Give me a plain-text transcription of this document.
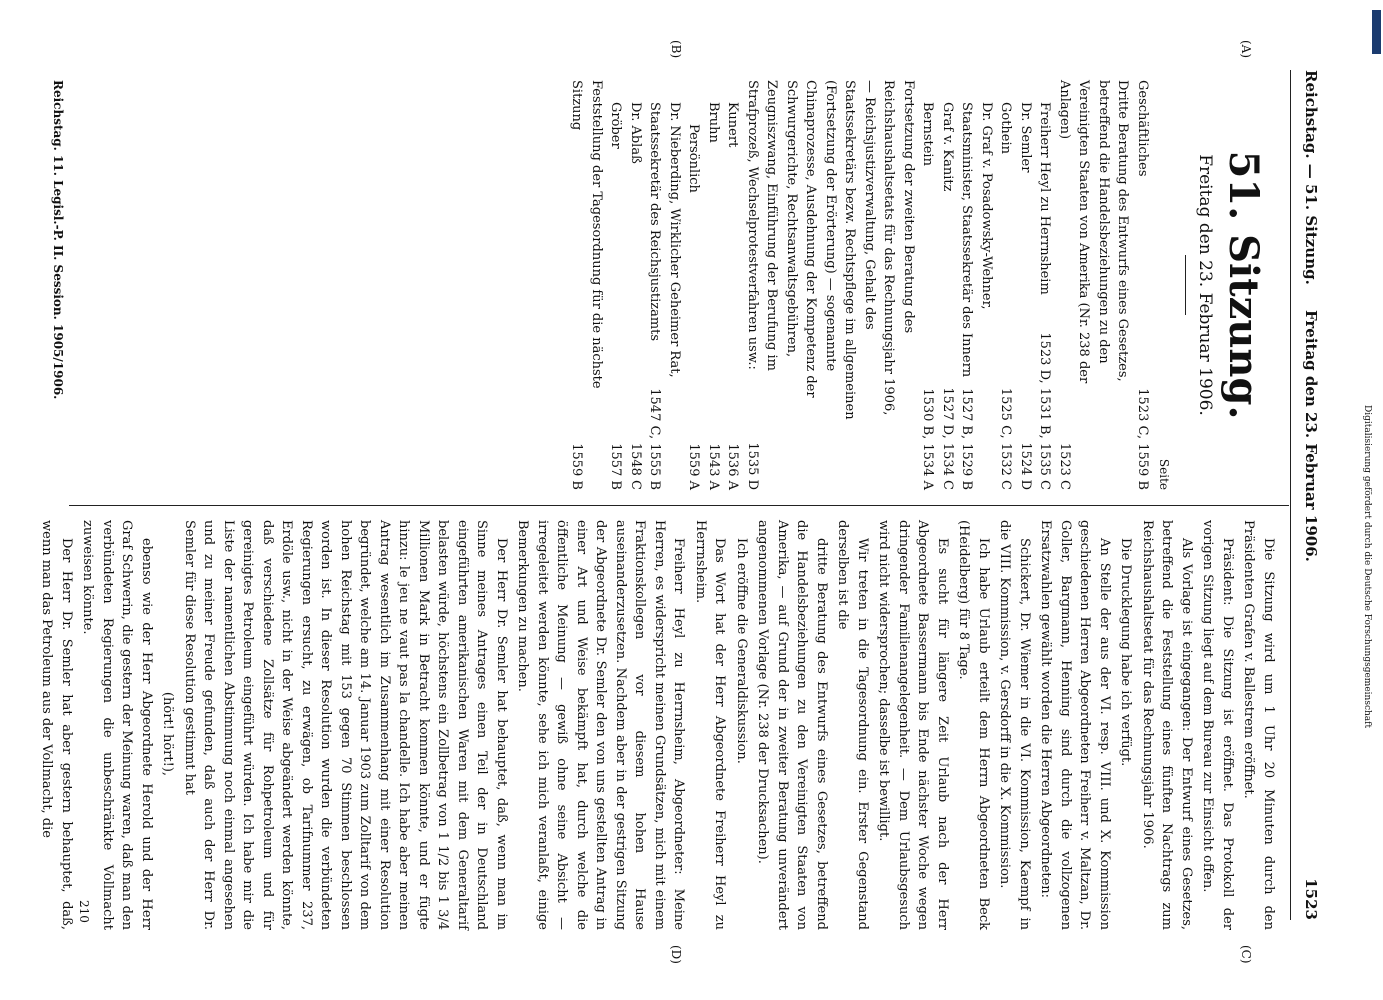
Reichstag. — 51. Sitzung.
Freitag den 23. Februar 1906.
1523
(A)
(B)
(C)
(D)
51. Sitzung.
Freitag den 23. Februar 1906.
Seite
Geschäftliches
1523 C, 1559 B
Dritte Beratung des Entwurfs eines Gesetzes, betreffend die Handelsbeziehungen zu den Vereinigten Staaten von Amerika (Nr. 238 der Anlagen)
1523 C
Freiherr Heyl zu Herrnsheim
1523 D, 1531 B, 1535 C
Dr. Semler
1524 D
Gothein
1525 C, 1532 C
Dr. Graf v. Posadowsky-Wehner, Staatsminister, Staatssekretär des Innern
1527 B, 1529 B
Graf v. Kanitz
1527 D, 1534 C
Bernstein
1530 B, 1534 A
Fortsetzung der zweiten Beratung des Reichshaushaltsetats für das Rechnungsjahr 1906, — Reichsjustizverwaltung, Gehalt des Staatssekretärs bezw. Rechtspflege im allgemeinen (Fortsetzung der Erörterung) — sogenannte Chinaprozesse, Ausdehnung der Kompetenz der Schwurgerichte, Rechtsanwaltsgebühren, Zeugniszwang, Einführung der Berufung im Strafprozeß, Wechselprotestverfahren usw.:
1535 D
Kunert
1536 A
Bruhn
1543 A
Persönlich
1559 A
Dr. Nieberding, Wirklicher Geheimer Rat, Staatssekretär des Reichsjustizamts
1547 C, 1555 B
Dr. Ablaß
1548 C
Gröber
1557 B
Feststellung der Tagesordnung für die nächste Sitzung
1559 B

Die Sitzung wird um 1 Uhr 20 Minuten durch den Präsidenten Grafen v. Ballestrem eröffnet.

Präsident: Die Sitzung ist eröffnet. Das Protokoll der vorigen Sitzung liegt auf dem Bureau zur Einsicht offen.

Als Vorlage ist eingegangen: Der Entwurf eines Gesetzes, betreffend die Feststellung eines fünften Nachtrags zum Reichshaushaltsetat für das Rechnungsjahr 1906.

Die Drucklegung habe ich verfügt.

An Stelle der aus der VI. resp. VIII. und X. Kommission geschiedenen Herren Abgeordneten Freiherr v. Maltzan, Dr. Goller, Bargmann, Henning sind durch die vollzogenen Ersatzwahlen gewählt worden die Herren Abgeordneten:

Schickert, Dr. Wiemer in die VI. Kommission, Kaempf in die VIII. Kommission, v. Gersdorff in die X. Kommission.

Ich habe Urlaub erteilt dem Herrn Abgeordneten Beck (Heidelberg) für 8 Tage.

Es sucht für längere Zeit Urlaub nach der Herr Abgeordnete Bassermann bis Ende nächster Woche wegen dringender Familienangelegenheit. — Dem Urlaubsgesuch wird nicht widersprochen; dasselbe ist bewilligt.

Wir treten in die Tagesordnung ein. Erster Gegenstand derselben ist die

dritte Beratung des Entwurfs eines Gesetzes, betreffend die Handelsbeziehungen zu den Vereinigten Staaten von Amerika, — auf Grund der in zweiter Beratung unverändert angenommenen Vorlage (Nr. 238 der Drucksachen).

Ich eröffne die Generaldiskussion.

Das Wort hat der Herr Abgeordnete Freiherr Heyl zu Herrnsheim.

Freiherr Heyl zu Herrnsheim, Abgeordneter: Meine Herren, es widerspricht meinen Grundsätzen, mich mit einem Fraktionskollegen vor diesem hohen Hause auseinanderzusetzen. Nachdem aber in der gestrigen Sitzung der Abgeordnete Dr. Semler den von uns gestellten Antrag in einer Art und Weise bekämpft hat, durch welche die öffentliche Meinung — gewiß ohne seine Absicht — irregeleitet werden könnte, sehe ich mich veranlaßt, einige Bemerkungen zu machen.

Der Herr Dr. Semler hat behauptet, daß, wenn man im Sinne meines Antrages einen Teil der in Deutschland eingeführten amerikanischen Waren mit dem Generaltarif belasten würde, höchstens ein Zollbetrag von 1 1/2 bis 1 3/4 Millionen Mark in Betracht kommen könnte, und er fügte hinzu: le jeu ne vaut pas la chandelle. Ich habe aber meinen Antrag wesentlich im Zusammenhang mit einer Resolution begründet, welche am 14. Januar 1903 zum Zolltarif von dem hohen Reichstag mit 153 gegen 70 Stimmen beschlossen worden ist. In dieser Resolution wurden die verbündeten Regierungen ersucht, zu erwägen, ob Tarifnummer 237, Erdöle usw., nicht in der Weise abgeändert werden könnte, daß verschiedene Zollsätze für Rohpetroleum und für gereinigtes Petroleum eingeführt würden. Ich habe mir die Liste der namentlichen Abstimmung noch einmal angesehen und zu meiner Freude gefunden, daß auch der Herr Dr. Semler für diese Resolution gestimmt hat

(hört! hört!),

ebenso wie der Herr Abgeordnete Herold und der Herr Graf Schwerin, die gestern der Meinung waren, daß man den verbündeten Regierungen die unbeschränkte Vollmacht zuweisen könnte.

Der Herr Dr. Semler hat aber gestern behauptet, daß, wenn man das Petroleum aus der Vollmacht, die

210
Reichstag. 11. Legisl.-P. II. Session. 1905/1906.
Digitalisierung gefördert durch die Deutsche Forschungsgemeinschaft
